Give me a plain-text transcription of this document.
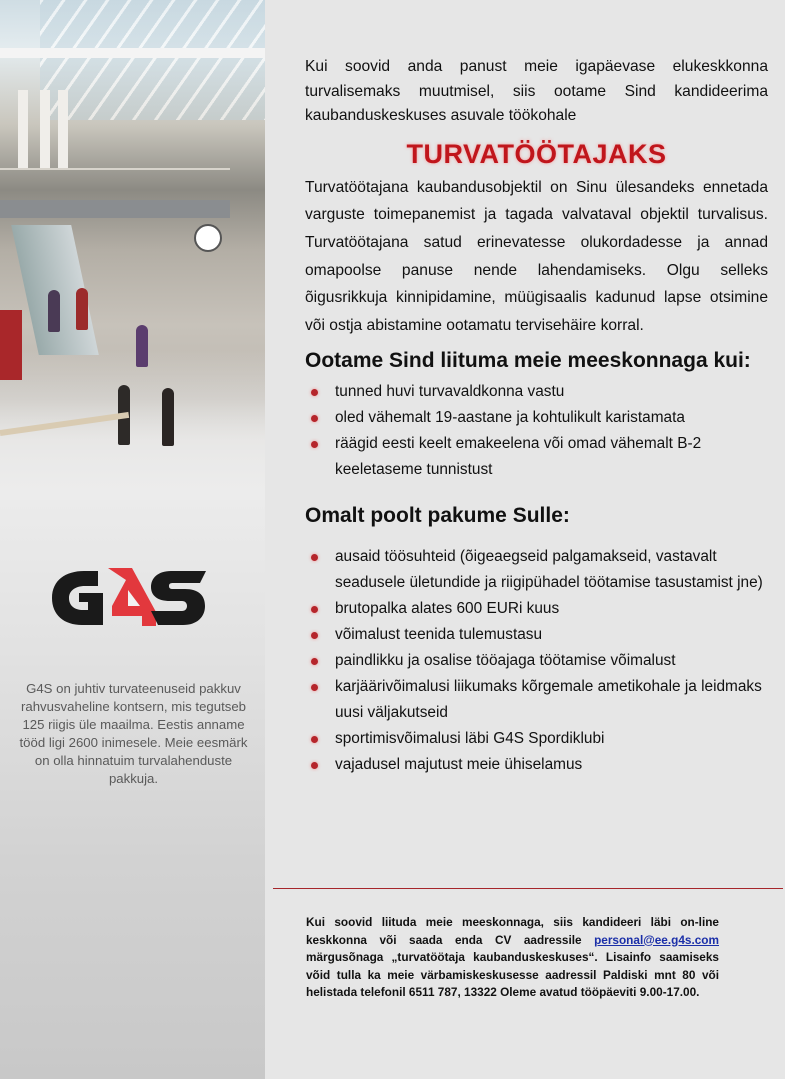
G4S on juhtiv turvateenuseid pakkuv rahvusvaheline kontsern, mis tegutseb 125 riigis üle maailma. Eestis anname tööd ligi 2600 inimesele. Meie eesmärk on olla hinnatuim turvalahenduste pakkuja.

Kui soovid anda panust meie igapäevase elukeskkonna turvalisemaks muutmisel, siis ootame Sind kandideerima kaubanduskeskuses asuvale töökohale

TURVATÖÖTAJAKS

Turvatöötajana kaubandusobjektil on Sinu ülesandeks ennetada varguste toimepanemist ja tagada valvataval objektil turvalisus. Turvatöötajana satud erinevatesse olukordadesse ja annad omapoolse panuse nende lahendamiseks. Olgu selleks õigusrikkuja kinnipidamine, müügisaalis kadunud lapse otsimine või ostja abistamine ootamatu tervisehäire korral.

Ootame Sind liituma meie meeskonnaga kui:
tunned huvi turvavaldkonna vastu
oled vähemalt 19-aastane ja kohtulikult karistamata
räägid eesti keelt emakeelena või omad vähemalt B-2 keeletaseme tunnistust
Omalt poolt pakume Sulle:
ausaid töösuhteid (õigeaegseid palgamakseid, vastavalt seadusele ületundide ja riigipühadel töötamise tasustamist jne)
brutopalka alates 600 EURi kuus
võimalust teenida tulemustasu
paindlikku ja osalise tööajaga töötamise võimalust
karjäärivõimalusi liikumaks kõrgemale ametikohale ja leidmaks uusi väljakutseid
sportimisvõimalusi läbi G4S Spordiklubi
vajadusel majutust meie ühiselamus
Kui soovid liituda meie meeskonnaga, siis kandideeri läbi on-line keskkonna või saada enda CV aadressile personal@ee.g4s.com märgusõnaga „turvatöötaja kaubanduskeskuses“. Lisainfo saamiseks võid tulla ka meie värbamiskeskusesse aadressil Paldiski mnt 80 või helistada telefonil 6511 787, 13322 Oleme avatud tööpäeviti 9.00-17.00.
